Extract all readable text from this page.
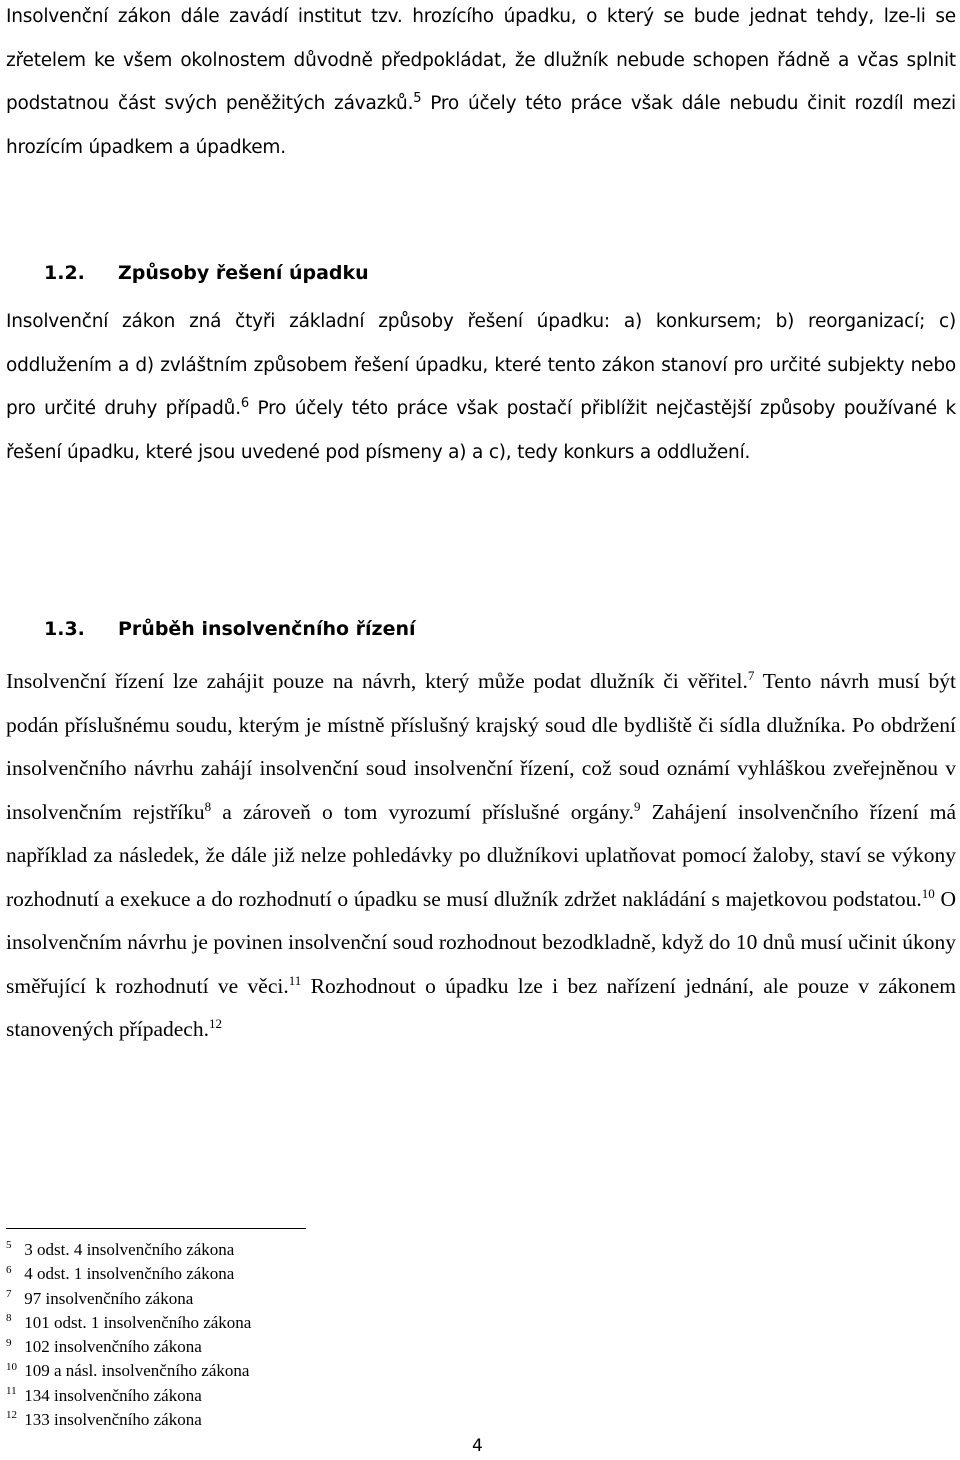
Insolvenční zákon dále zavádí institut tzv. hrozícího úpadku, o který se bude jednat tehdy, lze-li se zřetelem ke všem okolnostem důvodně předpokládat, že dlužník nebude schopen řádně a včas splnit podstatnou část svých peněžitých závazků.$^5$ Pro účely této práce však dále nebudu činit rozdíl mezi hrozícím úpadkem a úpadkem.

1.2. Způsoby řešení úpadku

Insolvenční zákon zná čtyři základní způsoby řešení úpadku: a) konkursem; b) reorganizací; c) oddlužením a d) zvláštním způsobem řešení úpadku, které tento zákon stanoví pro určité subjekty nebo pro určité druhy případů.$^6$ Pro účely této práce však postačí přiblížit nejčastější způsoby používané k řešení úpadku, které jsou uvedené pod písmeny a) a c), tedy konkurs a oddlužení.

1.3. Průběh insolvenčního řízení

Insolvenční řízení lze zahájit pouze na návrh, který může podat dlužník či věřitel.$^7$ Tento návrh musí být podán příslušnému soudu, kterým je místně příslušný krajský soud dle bydliště či sídla dlužníka. Po obdržení insolvenčního návrhu zahájí insolvenční soud insolvenční řízení, což soud oznámí vyhláškou zveřejněnou v insolvenčním rejstříku$^8$ a zároveň o tom vyrozumí příslušné orgány.$^9$ Zahájení insolvenčního řízení má například za následek, že dále již nelze pohledávky po dlužníkovi uplatňovat pomocí žaloby, staví se výkony rozhodnutí a exekuce a do rozhodnutí o úpadku se musí dlužník zdržet nakládání s majetkovou podstatou.$^{10}$ O insolvenčním návrhu je povinen insolvenční soud rozhodnout bezodkladně, když do 10 dnů musí učinit úkony směřující k rozhodnutí ve věci.$^{11}$ Rozhodnout o úpadku lze i bez nařízení jednání, ale pouze v zákonem stanovených případech.$^{12}$

$^5$ 3 odst. 4 insolvenčního zákona
$^6$ 4 odst. 1 insolvenčního zákona
$^7$ 97 insolvenčního zákona
$^8$ 101 odst. 1 insolvenčního zákona
$^9$ 102 insolvenčního zákona
$^{10}$ 109 a násl. insolvenčního zákona
$^{11}$ 134 insolvenčního zákona
$^{12}$ 133 insolvenčního zákona
4
